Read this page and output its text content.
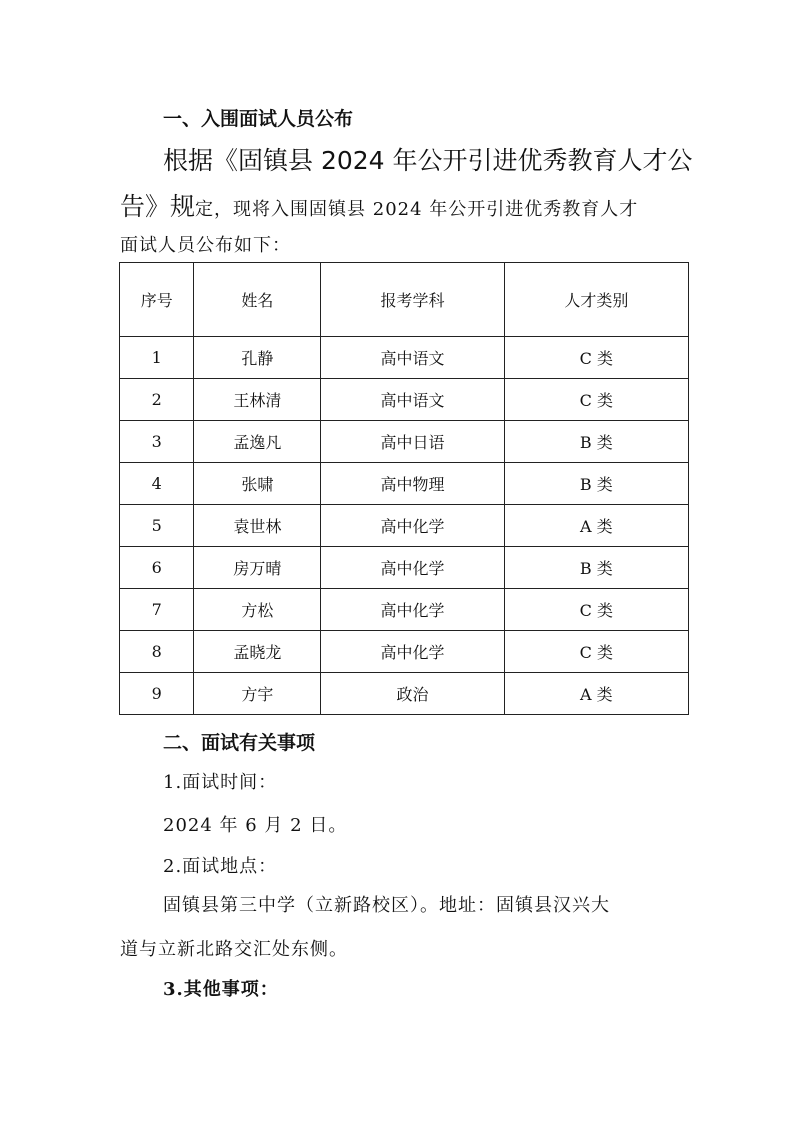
一、入围面试人员公布
根据《固镇县 2024 年公开引进优秀教育人才公
告》规定，现将入围固镇县 2024 年公开引进优秀教育人才
面试人员公布如下：
序号	姓名	报考学科	人才类别
1	孔静	高中语文	C 类
2	王林清	高中语文	C 类
3	孟逸凡	高中日语	B 类
4	张啸	高中物理	B 类
5	袁世林	高中化学	A 类
6	房万晴	高中化学	B 类
7	方松	高中化学	C 类
8	孟晓龙	高中化学	C 类
9	方宇	政治	A 类
二、面试有关事项
1.面试时间：
2024 年 6 月 2 日。
2.面试地点：
固镇县第三中学（立新路校区）。地址：固镇县汉兴大
道与立新北路交汇处东侧。
3.其他事项：
